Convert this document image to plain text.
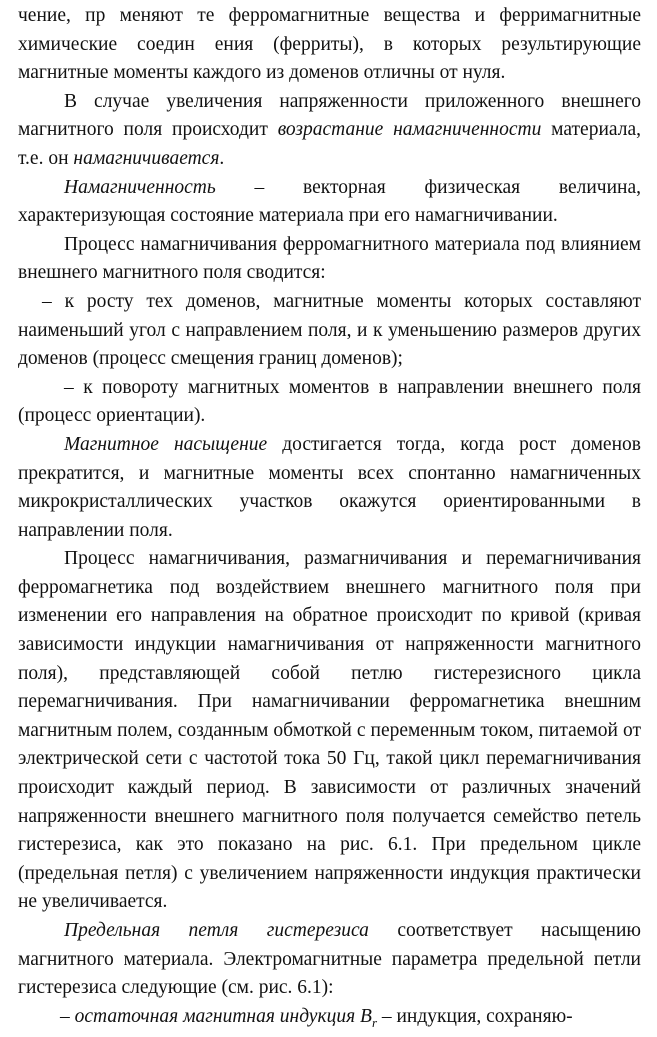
чение, пр меняют те ферромагнитные вещества и ферримагнитные химические соедин ения (ферриты), в которых результирующие магнитные моменты каждого из доменов отличны от нуля.

В случае увеличения напряженности приложенного внешнего магнитного поля происходит возрастание намагниченности материала, т.е. он намагничивается.

Намагниченность – векторная физическая величина, характеризующая состояние материала при его намагничивании.

Процесс намагничивания ферромагнитного материала под влиянием внешнего магнитного поля сводится:

– к росту тех доменов, магнитные моменты которых составляют наименьший угол с направлением поля, и к уменьшению размеров других доменов (процесс смещения границ доменов);

– к повороту магнитных моментов в направлении внешнего поля (процесс ориентации).

Магнитное насыщение достигается тогда, когда рост доменов прекратится, и магнитные моменты всех спонтанно намагниченных микрокристаллических участков окажутся ориентированными в направлении поля.

Процесс намагничивания, размагничивания и перемагничивания ферромагнетика под воздействием внешнего магнитного поля при изменении его направления на обратное происходит по кривой (кривая зависимости индукции намагничивания от напряженности магнитного поля), представляющей собой петлю гистерезисного цикла перемагничивания. При намагничивании ферромагнетика внешним магнитным полем, созданным обмоткой с переменным током, питаемой от электрической сети с частотой тока 50 Гц, такой цикл перемагничивания происходит каждый период. В зависимости от различных значений напряженности внешнего магнитного поля получается семейство петель гистерезиса, как это показано на рис. 6.1. При предельном цикле (предельная петля) с увеличением напряженности индукция практически не увеличивается.

Предельная петля гистерезиса соответствует насыщению магнитного материала. Электромагнитные параметра предельной петли гистерезиса следующие (см. рис. 6.1):

– остаточная магнитная индукция $B_r$ – индукция, сохраняю-
